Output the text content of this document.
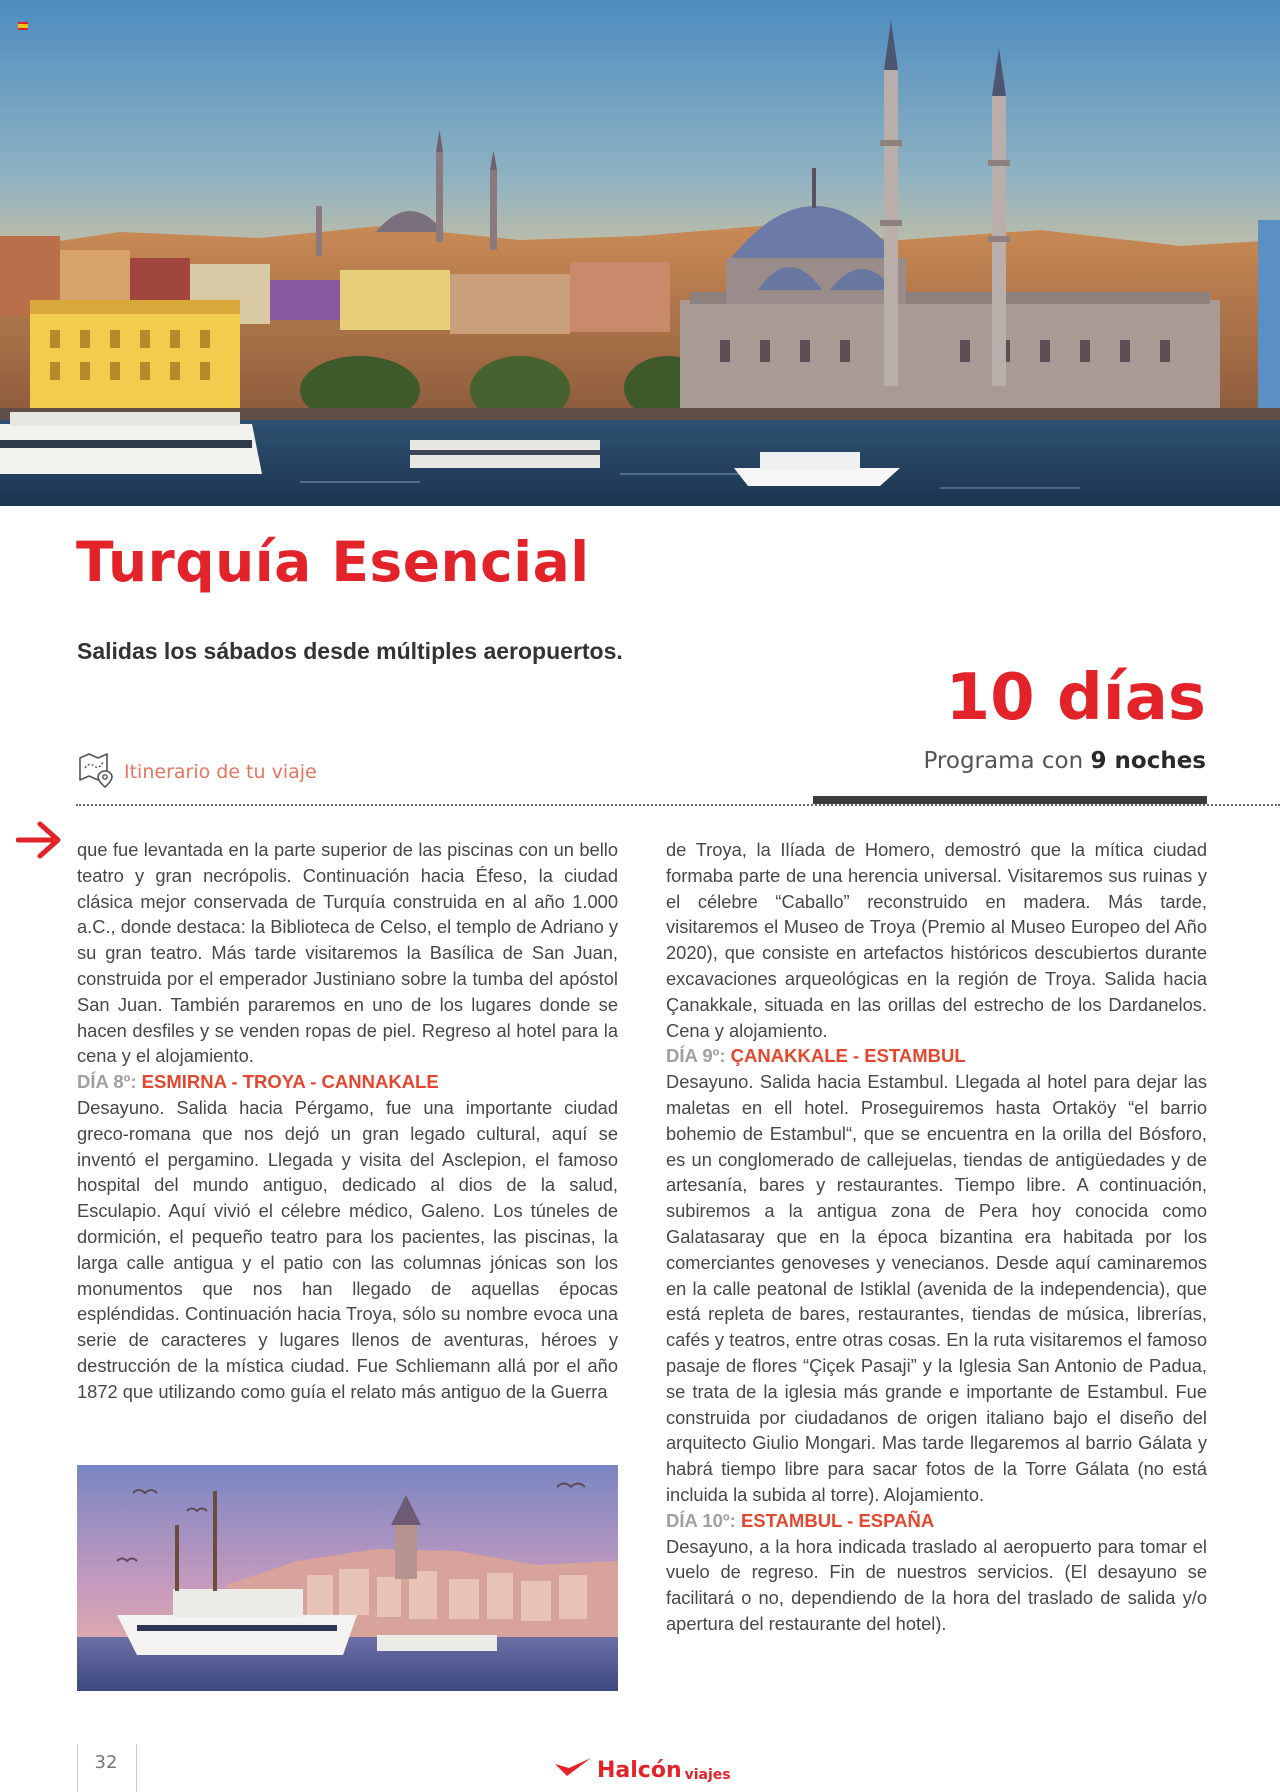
Turquía Esencial
Salidas los sábados desde múltiples aeropuertos.
10 días
Programa con 9 noches
Itinerario de tu viaje

que fue levantada en la parte superior de las piscinas con un bello teatro y gran necrópolis. Continuación hacia Éfeso, la ciudad clásica mejor conservada de Turquía construida en al año 1.000 a.C., donde destaca: la Biblioteca de Celso, el templo de Adriano y su gran teatro. Más tarde visitaremos la Basílica de San Juan, construida por el emperador Justiniano sobre la tumba del apóstol San Juan. También pararemos en uno de los lugares donde se hacen desfiles y se venden ropas de piel. Regreso al hotel para la cena y el alojamiento.

DÍA 8º: ESMIRNA - TROYA - CANNAKALE

Desayuno. Salida hacia Pérgamo, fue una importante ciudad greco-romana que nos dejó un gran legado cultural, aquí se inventó el pergamino. Llegada y visita del Asclepion, el famoso hospital del mundo antiguo, dedicado al dios de la salud, Esculapio. Aquí vivió el célebre médico, Galeno. Los túneles de dormición, el pequeño teatro para los pacientes, las piscinas, la larga calle antigua y el patio con las columnas jónicas son los monumentos que nos han llegado de aquellas épocas espléndidas. Continuación hacia Troya, sólo su nombre evoca una serie de caracteres y lugares llenos de aventuras, héroes y destrucción de la mística ciudad. Fue Schliemann allá por el año 1872 que utilizando como guía el relato más antiguo de la Guerra

de Troya, la Ilíada de Homero, demostró que la mítica ciudad formaba parte de una herencia universal. Visitaremos sus ruinas y el célebre “Caballo” reconstruido en madera. Más tarde, visitaremos el Museo de Troya (Premio al Museo Europeo del Año 2020), que consiste en artefactos históricos descubiertos durante excavaciones arqueológicas en la región de Troya. Salida hacia Çanakkale, situada en las orillas del estrecho de los Dardanelos. Cena y alojamiento.

DÍA 9º: ÇANAKKALE - ESTAMBUL

Desayuno. Salida hacia Estambul. Llegada al hotel para dejar las maletas en ell hotel. Proseguiremos hasta Ortaköy “el barrio bohemio de Estambul“, que se encuentra en la orilla del Bósforo, es un conglomerado de callejuelas, tiendas de antigüedades y de artesanía, bares y restaurantes. Tiempo libre. A continuación, subiremos a la antigua zona de Pera hoy conocida como Galatasaray que en la época bizantina era habitada por los comerciantes genoveses y venecianos. Desde aquí caminaremos en la calle peatonal de Istiklal (avenida de la independencia), que está repleta de bares, restaurantes, tiendas de música, librerías, cafés y teatros, entre otras cosas. En la ruta visitaremos el famoso pasaje de flores “Çiçek Pasaji” y la Iglesia San Antonio de Padua, se trata de la iglesia más grande e importante de Estambul. Fue construida por ciudadanos de origen italiano bajo el diseño del arquitecto Giulio Mongari. Mas tarde llegaremos al barrio Gálata y habrá tiempo libre para sacar fotos de la Torre Gálata (no está incluida la subida al torre). Alojamiento.

DÍA 10º: ESTAMBUL - ESPAÑA

Desayuno, a la hora indicada traslado al aeropuerto para tomar el vuelo de regreso. Fin de nuestros servicios. (El desayuno se facilitará o no, dependiendo de la hora del traslado de salida y/o apertura del restaurante del hotel).

32	Halcón viajes
